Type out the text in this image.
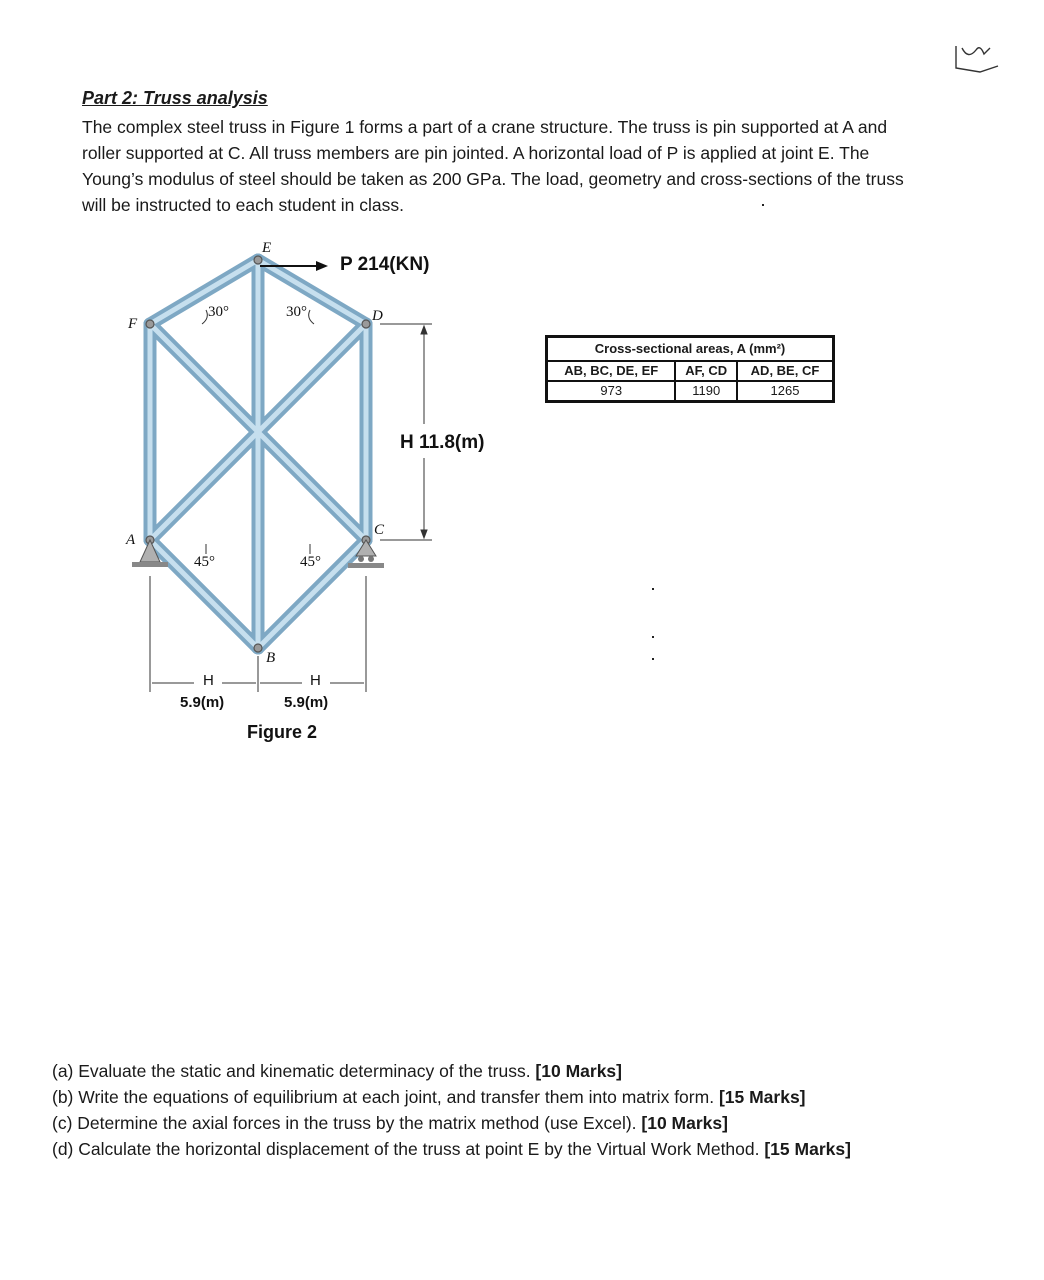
Part 2: Truss analysis
The complex steel truss in Figure 1 forms a part of a crane structure. The truss is pin supported at A and
roller supported at C. All truss members are pin jointed. A horizontal load of P is applied at joint E. The
Young’s modulus of steel should be taken as 200 GPa. The load, geometry and cross-sections of the truss
will be instructed to each student in class.
E
F	D
A
C
B
30°	30°
45°	45°
P 214(KN)
H 11.8(m)
H
5.9(m)
H
5.9(m)
Figure 2
Cross-sectional areas, A (mm²)		
AB, BC, DE, EF	AF, CD	AD, BE, CF
973	1190	1265
(a) Evaluate the static and kinematic determinacy of the truss. [10 Marks]
(b) Write the equations of equilibrium at each joint, and transfer them into matrix form. [15 Marks]
(c) Determine the axial forces in the truss by the matrix method (use Excel). [10 Marks]
(d) Calculate the horizontal displacement of the truss at point E by the Virtual Work Method. [15 Marks]
